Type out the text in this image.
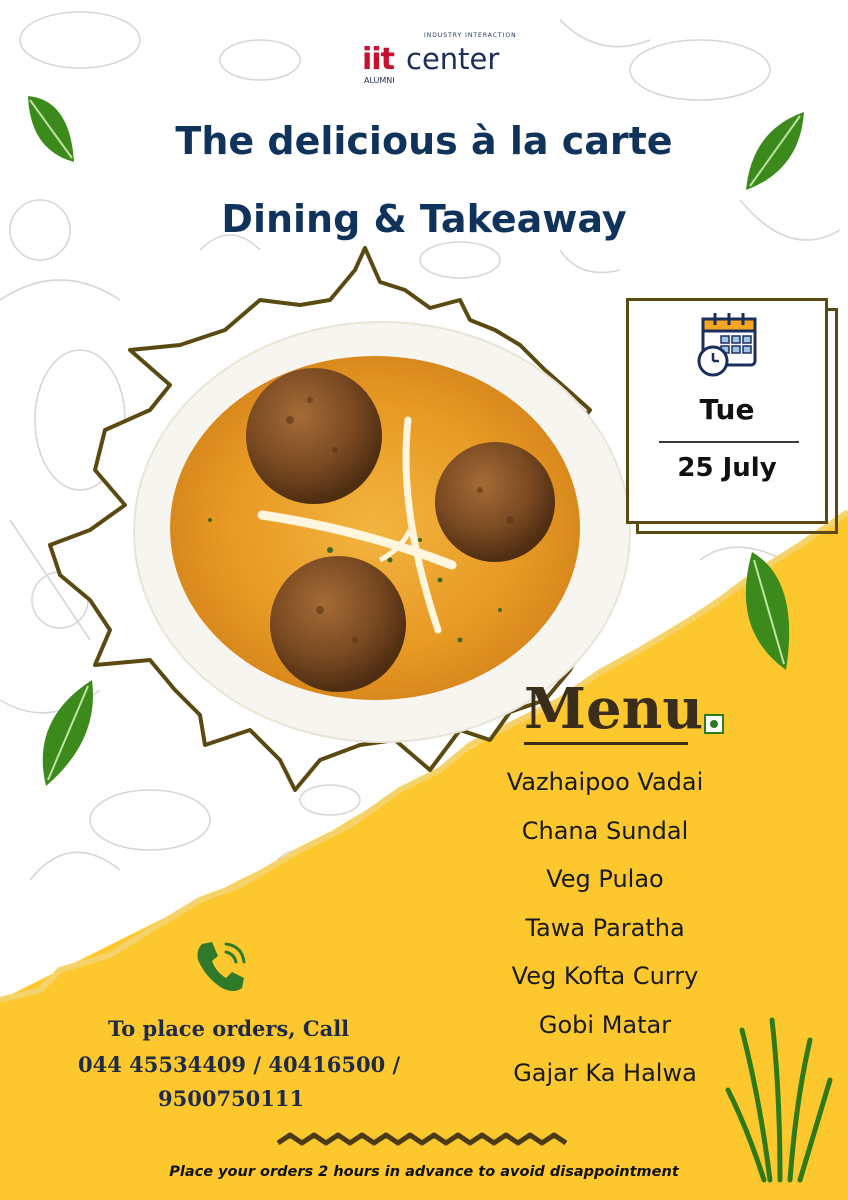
INDUSTRY INTERACTION
iit
ALUMNI
center
The delicious à la carte
Dining & Takeaway
Tue
25 July
Menu
Vazhaipoo Vadai
Chana Sundal
Veg Pulao
Tawa Paratha
Veg Kofta Curry
Gobi Matar
Gajar Ka Halwa
To place orders, Call
044 45534409 / 40416500 /
9500750111
Place your orders 2 hours in advance to avoid disappointment
